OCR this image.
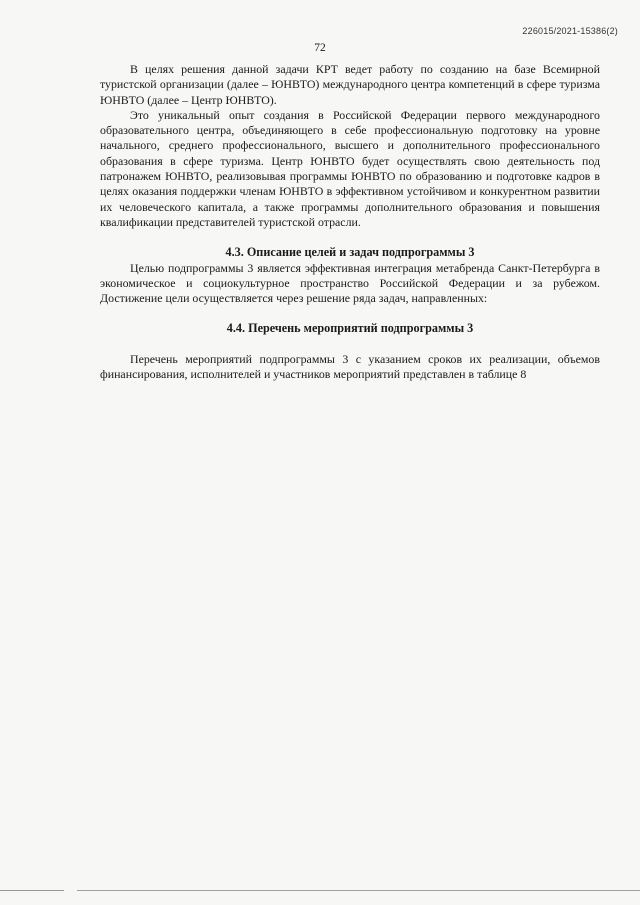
226015/2021-15386(2)
72

В целях решения данной задачи КРТ ведет работу по созданию на базе Всемирной туристской организации (далее – ЮНВТО) международного центра компетенций в сфере туризма ЮНВТО (далее – Центр ЮНВТО).

Это уникальный опыт создания в Российской Федерации первого международного образовательного центра, объединяющего в себе профессиональную подготовку на уровне начального, среднего профессионального, высшего и дополнительного профессионального образования в сфере туризма. Центр ЮНВТО будет осуществлять свою деятельность под патронажем ЮНВТО, реализовывая программы ЮНВТО по образованию и подготовке кадров в целях оказания поддержки членам ЮНВТО в эффективном устойчивом и конкурентном развитии их человеческого капитала, а также программы дополнительного образования и повышения квалификации представителей туристской отрасли.

4.3. Описание целей и задач подпрограммы 3

Целью подпрограммы 3 является эффективная интеграция метабренда Санкт-Петербурга в экономическое и социокультурное пространство Российской Федерации и за рубежом. Достижение цели осуществляется через решение ряда задач, направленных:

4.4. Перечень мероприятий подпрограммы 3

Перечень мероприятий подпрограммы 3 с указанием сроков их реализации, объемов финансирования, исполнителей и участников мероприятий представлен в таблице 8
